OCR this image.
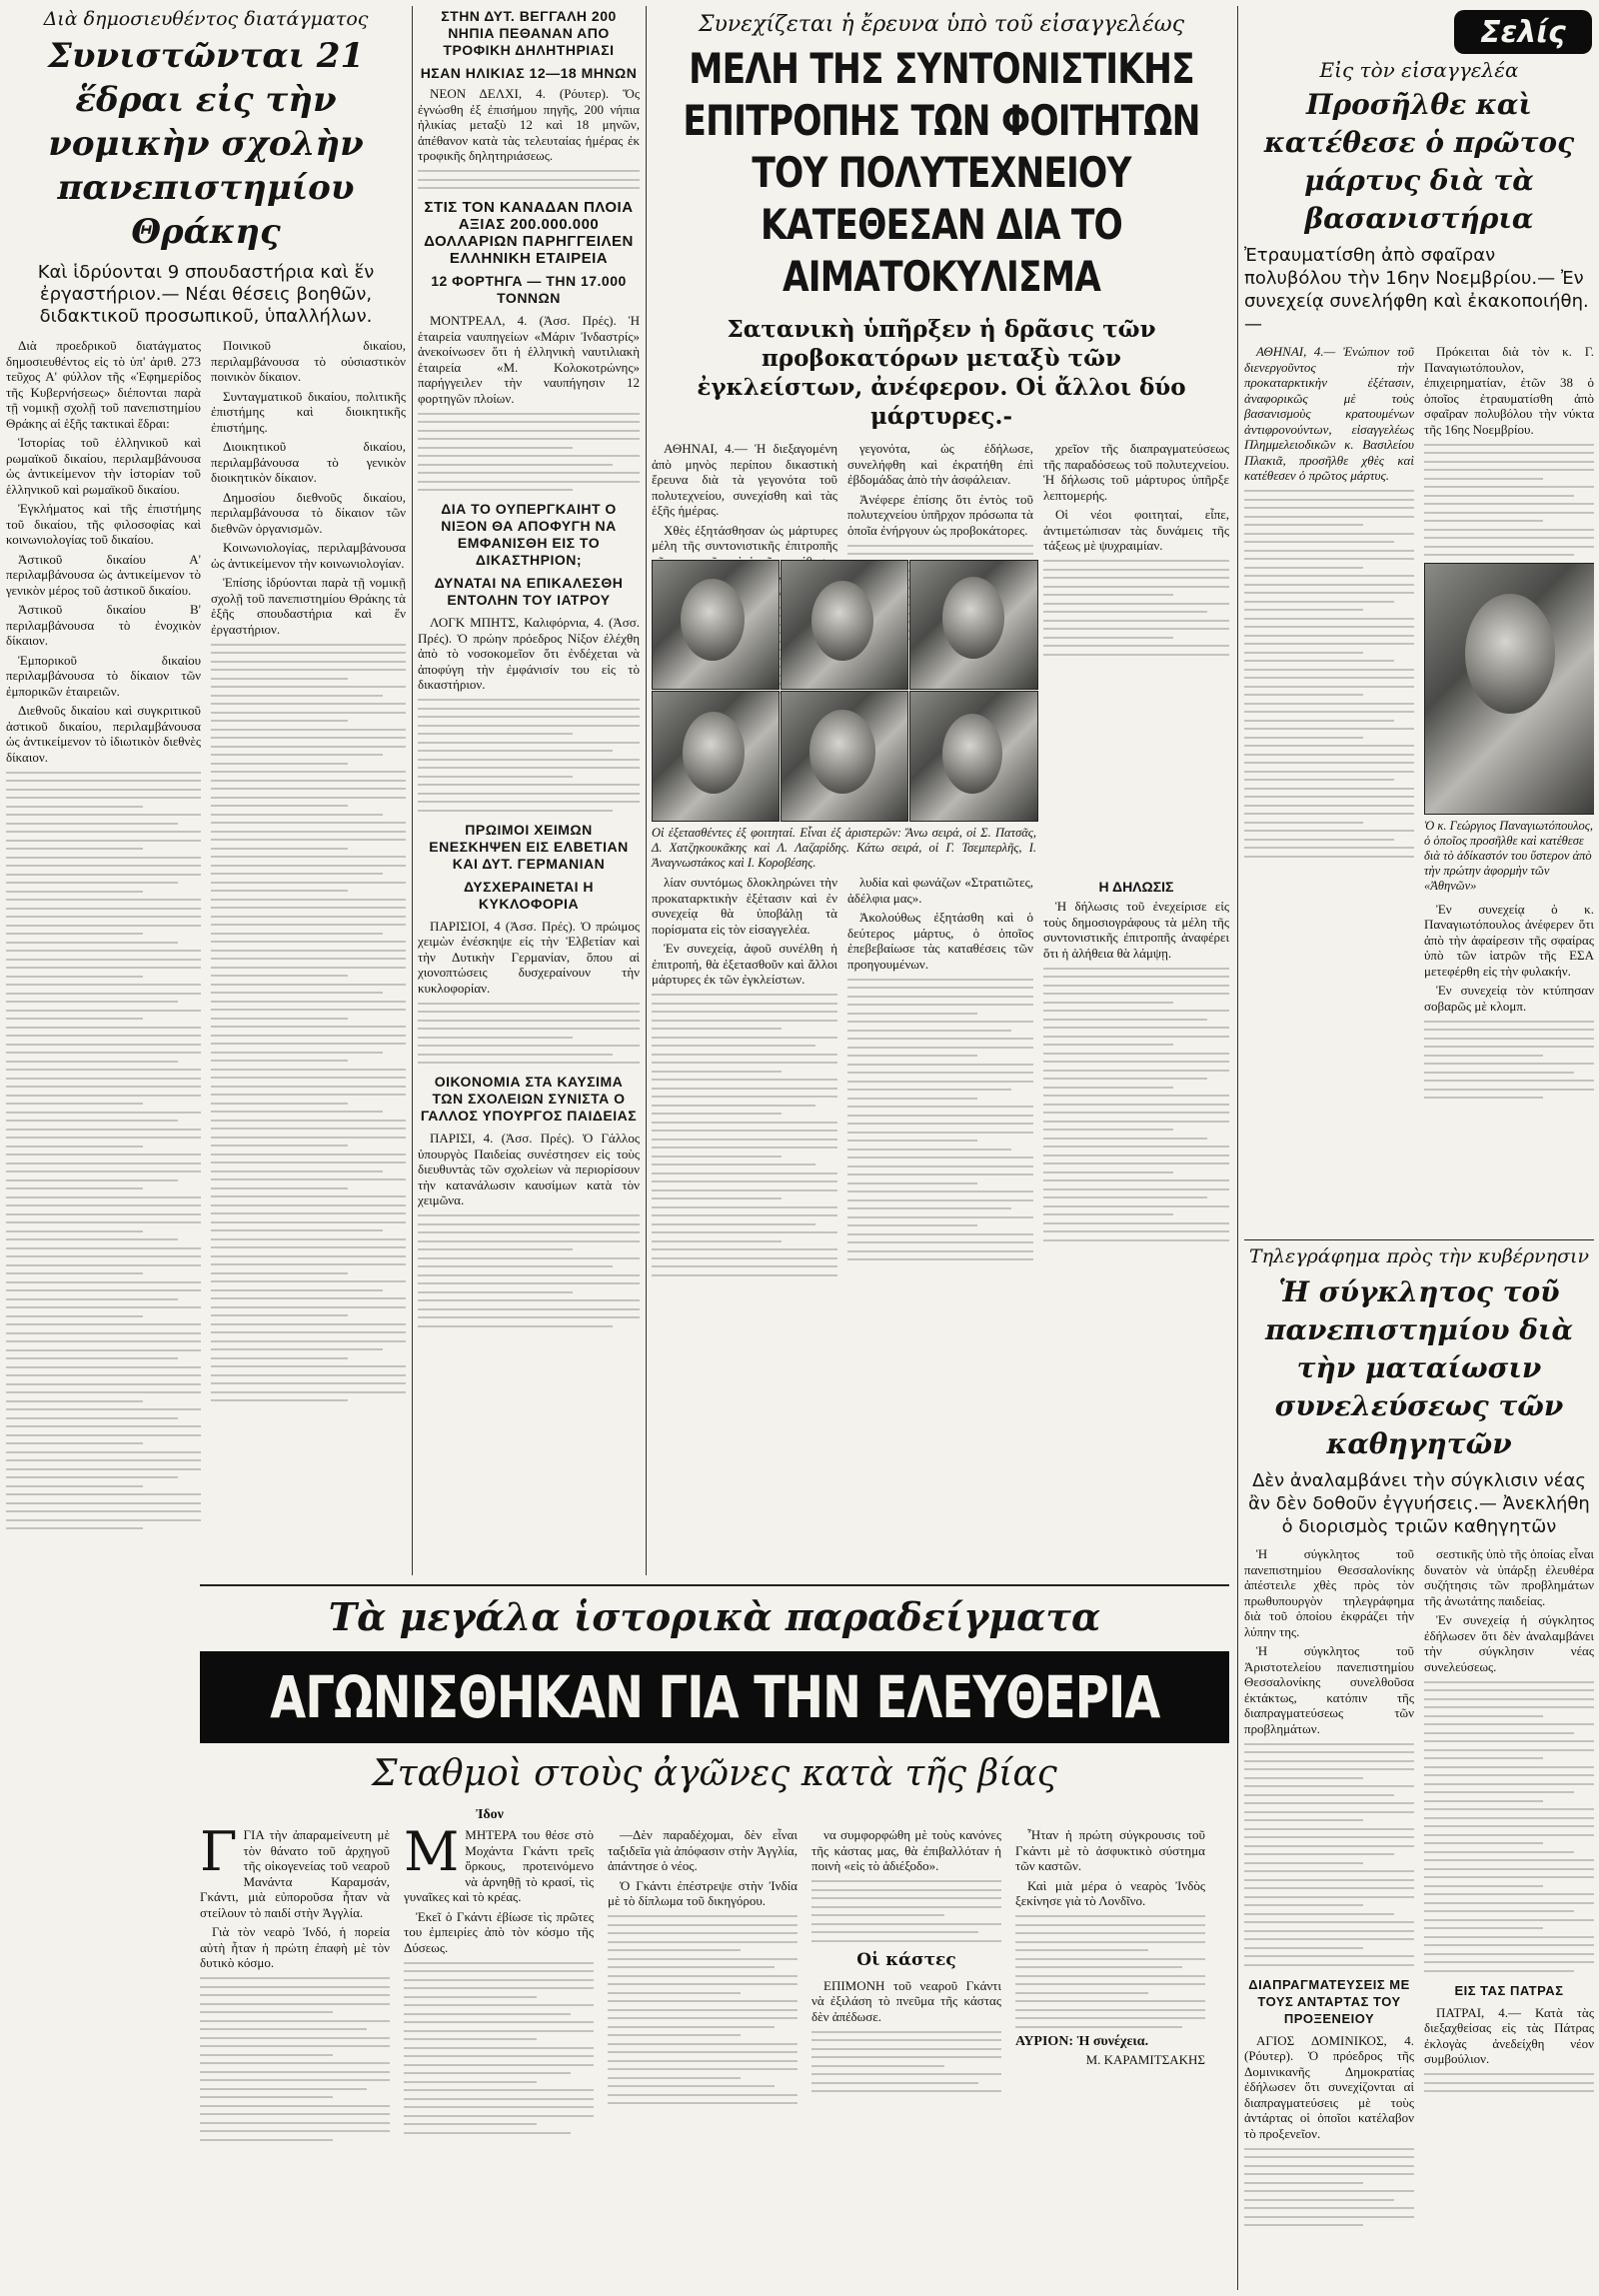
Διὰ δημοσιευθέντος διατάγματος
Συνιστῶνται 21 ἕδραι εἰς τὴν νομικὴν σχολὴν πανεπιστημίου Θράκης
Καὶ ἱδρύονται 9 σπουδαστήρια καὶ ἕν ἐργαστήριον.— Νέαι θέσεις βοηθῶν, διδακτικοῦ προσωπικοῦ, ὑπαλλήλων.

Διὰ προεδρικοῦ διατάγματος δημοσιευθέντος εἰς τὸ ὑπ' ἀριθ. 273 τεῦχος Α' φύλλον τῆς «Ἐφημερίδος τῆς Κυβερνήσεως» διέπονται παρὰ τῇ νομικῇ σχολῇ τοῦ πανεπιστημίου Θράκης αἱ ἑξῆς τακτικαὶ ἕδραι:

Ἱστορίας τοῦ ἑλληνικοῦ καὶ ρωμαϊκοῦ δικαίου, περιλαμβάνουσα ὡς ἀντικείμενον τὴν ἱστορίαν τοῦ ἑλληνικοῦ καὶ ρωμαϊκοῦ δικαίου.

Ἐγκλήματος καὶ τῆς ἐπιστήμης τοῦ δικαίου, τῆς φιλοσοφίας καὶ κοινωνιολογίας τοῦ δικαίου.

Ἀστικοῦ δικαίου Α' περιλαμβάνουσα ὡς ἀντικείμενον τὸ γενικὸν μέρος τοῦ ἀστικοῦ δικαίου.

Ἀστικοῦ δικαίου Β' περιλαμβάνουσα τὸ ἐνοχικὸν δίκαιον.

Ἐμπορικοῦ δικαίου περιλαμβάνουσα τὸ δίκαιον τῶν ἐμπορικῶν ἑταιρειῶν.

Διεθνοῦς δικαίου καὶ συγκριτικοῦ ἀστικοῦ δικαίου, περιλαμβάνουσα ὡς ἀντικείμενον τὸ ἰδιωτικὸν διεθνὲς δίκαιον.

Ποινικοῦ δικαίου, περιλαμβάνουσα τὸ οὐσιαστικὸν ποινικὸν δίκαιον.

Συνταγματικοῦ δικαίου, πολιτικῆς ἐπιστήμης καὶ διοικητικῆς ἐπιστήμης.

Διοικητικοῦ δικαίου, περιλαμβάνουσα τὸ γενικὸν διοικητικὸν δίκαιον.

Δημοσίου διεθνοῦς δικαίου, περιλαμβάνουσα τὸ δίκαιον τῶν διεθνῶν ὀργανισμῶν.

Κοινωνιολογίας, περιλαμβάνουσα ὡς ἀντικείμενον τὴν κοινωνιολογίαν.

Ἐπίσης ἱδρύονται παρὰ τῇ νομικῇ σχολῇ τοῦ πανεπιστημίου Θράκης τὰ ἑξῆς σπουδαστήρια καὶ ἕν ἐργαστήριον.

ΣΤΗΝ ΔΥΤ. ΒΕΓΓΑΛΗ 200 ΝΗΠΙΑ ΠΕΘΑΝΑΝ ΑΠΟ ΤΡΟΦΙΚΗ ΔΗΛΗΤΗΡΙΑΣΙ
ΗΣΑΝ ΗΛΙΚΙΑΣ 12—18 ΜΗΝΩΝ

ΝΕΟΝ ΔΕΛΧΙ, 4. (Ρόυτερ). Ὅς ἐγνώσθη ἐξ ἐπισήμου πηγῆς, 200 νήπια ἡλικίας μεταξὺ 12 καὶ 18 μηνῶν, ἀπέθανον κατὰ τὰς τελευταίας ἡμέρας ἐκ τροφικῆς δηλητηριάσεως.

ΣΤΙΣ ΤΟΝ ΚΑΝΑΔΑΝ ΠΛΟΙΑ ΑΞΙΑΣ 200.000.000 ΔΟΛΛΑΡΙΩΝ ΠΑΡΗΓΓΕΙΛΕΝ ΕΛΛΗΝΙΚΗ ΕΤΑΙΡΕΙΑ
12 ΦΟΡΤΗΓΑ — ΤΗΝ 17.000 ΤΟΝΝΩΝ

ΜΟΝΤΡΕΑΛ, 4. (Ἀσσ. Πρές). Ἡ ἑταιρεία ναυπηγείων «Μάριν Ἰνδαστρίς» ἀνεκοίνωσεν ὅτι ἡ ἑλληνικὴ ναυτιλιακὴ ἑταιρεία «Μ. Κολοκοτρώνης» παρήγγειλεν τὴν ναυπήγησιν 12 φορτηγῶν πλοίων.

ΔΙΑ ΤΟ ΟΥΠΕΡΓΚΑΙΗΤ Ο ΝΙΞΟΝ ΘΑ ΑΠΟΦΥΓΗ ΝΑ ΕΜΦΑΝΙΣΘΗ ΕΙΣ ΤΟ ΔΙΚΑΣΤΗΡΙΟΝ;
ΔΥΝΑΤΑΙ ΝΑ ΕΠΙΚΑΛΕΣΘΗ ΕΝΤΟΛΗΝ ΤΟΥ ΙΑΤΡΟΥ

ΛΟΓΚ ΜΠΗΤΣ, Καλιφόρνια, 4. (Ἀσσ. Πρές). Ὁ πρώην πρόεδρος Νίξον ἐλέχθη ἀπὸ τὸ νοσοκομεῖον ὅτι ἐνδέχεται νὰ ἀποφύγη τὴν ἐμφάνισίν του εἰς τὸ δικαστήριον.

ΠΡΩΙΜΟΙ ΧΕΙΜΩΝ ΕΝΕΣΚΗΨΕΝ ΕΙΣ ΕΛΒΕΤΙΑΝ ΚΑΙ ΔΥΤ. ΓΕΡΜΑΝΙΑΝ
ΔΥΣΧΕΡΑΙΝΕΤΑΙ Η ΚΥΚΛΟΦΟΡΙΑ

ΠΑΡΙΣΙΟΙ, 4 (Ἀσσ. Πρές). Ὁ πρώιμος χειμὼν ἐνέσκηψε εἰς τὴν Ἑλβετίαν καὶ τὴν Δυτικὴν Γερμανίαν, ὅπου αἱ χιονοπτώσεις δυσχεραίνουν τὴν κυκλοφορίαν.

ΟΙΚΟΝΟΜΙΑ ΣΤΑ ΚΑΥΣΙΜΑ ΤΩΝ ΣΧΟΛΕΙΩΝ ΣΥΝΙΣΤΑ Ο ΓΑΛΛΟΣ ΥΠΟΥΡΓΟΣ ΠΑΙΔΕΙΑΣ

ΠΑΡΙΣΙ, 4. (Ἀσσ. Πρές). Ὁ Γάλλος ὑπουργὸς Παιδείας συνέστησεν εἰς τοὺς διευθυντὰς τῶν σχολείων νὰ περιορίσουν τὴν κατανάλωσιν καυσίμων κατὰ τὸν χειμῶνα.

Συνεχίζεται ἡ ἔρευνα ὑπὸ τοῦ εἰσαγγελέως
ΜΕΛΗ ΤΗΣ ΣΥΝΤΟΝΙΣΤΙΚΗΣ ΕΠΙΤΡΟΠΗΣ ΤΩΝ ΦΟΙΤΗΤΩΝ ΤΟΥ ΠΟΛΥΤΕΧΝΕΙΟΥ ΚΑΤΕΘΕΣΑΝ ΔΙΑ ΤΟ ΑΙΜΑΤΟΚΥΛΙΣΜΑ
Σατανικὴ ὑπῆρξεν ἡ δρᾶσις τῶν προβοκατόρων μεταξὺ τῶν ἐγκλείστων, ἀνέφερον. Οἱ ἄλλοι δύο μάρτυρες.-

ΑΘΗΝΑΙ, 4.— Ἡ διεξαγομένη ἀπὸ μηνὸς περίπου δικαστικὴ ἔρευνα διὰ τὰ γεγονότα τοῦ πολυτεχνείου, συνεχίσθη καὶ τὰς ἑξῆς ἡμέρας.

Χθὲς ἐξητάσθησαν ὡς μάρτυρες μέλη τῆς συντονιστικῆς ἐπιτροπῆς

γεγονότα, ὡς ἐδήλωσε, συνελήφθη καὶ ἐκρατήθη ἐπὶ ἐβδομάδας ἀπὸ τὴν ἀσφάλειαν.

Ἀνέφερε ἐπίσης ὅτι ἐντὸς τοῦ πολυτεχνείου ὑπῆρχον πρόσωπα τὰ ὁποῖα ἐνήργουν ὡς προβοκάτορες.

χρεῖον τῆς διαπραγματεύσεως τῆς παραδόσεως τοῦ πολυτεχνείου. Ἡ δήλωσις τοῦ μάρτυρος ὑπῆρξε λεπτομερής.

Οἱ νέοι φοιτηταί, εἶπε, ἀντιμετώπισαν τὰς δυνάμεις τῆς τάξεως μὲ ψυχραιμίαν.

Οἱ ἐξετασθέντες ἐξ φοιτηταί. Εἶναι ἐξ ἀριστερῶν: Ἄνω σειρά, οἱ Σ. Πατσᾶς, Δ. Χατζηκουκᾶκης καὶ Λ. Λαζαρίδης. Κάτω σειρά, οἱ Γ. Τσεμπερλῆς, Ι. Ἀναγνωστάκος καὶ Ι. Κοροβέσης.

λίαν συντόμως δλοκληρώνει τὴν προκαταρκτικὴν ἐξέτασιν καὶ ἐν συνεχείᾳ θὰ ὑποβάλῃ τὰ πορίσματα εἰς τὸν εἰσαγγελέα.

Ἐν συνεχείᾳ, ἀφοῦ συνέλθη ἡ ἐπιτροπή, θὰ ἐξετασθοῦν καὶ ἄλλοι μάρτυρες ἐκ τῶν ἐγκλείστων.

λυδία καὶ φωνάζων «Στρατιῶτες, ἀδέλφια μας».

Ἀκολούθως ἐξητάσθη καὶ ὁ δεύτερος μάρτυς, ὁ ὁποῖος ἐπεβεβαίωσε τὰς καταθέσεις τῶν προηγουμένων.

Η ΔΗΛΩΣΙΣ

Ἡ δήλωσις τοῦ ἐνεχείρισε εἰς τοὺς δημοσιογράφους τὰ μέλη τῆς συντονιστικῆς ἐπιτροπῆς ἀναφέρει ὅτι ἡ ἀλήθεια θὰ λάμψῃ.

Σελίς
Εἰς τὸν εἰσαγγελέα
Προσῆλθε καὶ κατέθεσε ὁ πρῶτος μάρτυς διὰ τὰ βασανιστήρια
Ἐτραυματίσθη ἀπὸ σφαῖραν πολυβόλου τὴν 16ην Νοεμβρίου.— Ἐν συνεχείᾳ συνελήφθη καὶ ἐκακοποιήθη. —

ΑΘΗΝΑΙ, 4.— Ἐνώπιον τοῦ διενεργοῦντος τὴν προκαταρκτικὴν ἐξέτασιν, ἀναφορικῶς μὲ τοὺς βασανισμοὺς κρατουμένων ἀντιφρονούντων, εἰσαγγελέως Πλημμελειοδικῶν κ. Βασιλείου Πλακιᾶ, προσῆλθε χθὲς καὶ κατέθεσεν ὁ πρῶτος μάρτυς.

Πρόκειται διὰ τὸν κ. Γ. Παναγιωτόπουλον, ἐπιχειρηματίαν, ἐτῶν 38 ὁ ὁποῖος ἐτραυματίσθη ἀπὸ σφαῖραν πολυβόλου τὴν νύκτα τῆς 16ης Νοεμβρίου.

Ὁ κ. Γεώργιος Παναγιωτόπουλος, ὁ ὁποῖος προσῆλθε καὶ κατέθεσε διὰ τὸ ἀδίκαστόν του ὕστερον ἀπὸ τὴν πρώτην ἀφορμὴν τῶν «Ἀθηνῶν»

Ἐν συνεχείᾳ ὁ κ. Παναγιωτόπουλος ἀνέφερεν ὅτι ἀπὸ τὴν ἀφαίρεσιν τῆς σφαίρας ὑπὸ τῶν ἰατρῶν τῆς ΕΣΑ μετεφέρθη εἰς τὴν φυλακήν.

Ἐν συνεχείᾳ τὸν κτύπησαν σοβαρῶς μὲ κλομπ.

Τηλεγράφημα πρὸς τὴν κυβέρνησιν
Ἡ σύγκλητος τοῦ πανεπιστημίου διὰ τὴν ματαίωσιν συνελεύσεως τῶν καθηγητῶν
Δὲν ἀναλαμβάνει τὴν σύγκλισιν νέας ἂν δὲν δοθοῦν ἐγγυήσεις.— Ἀνεκλήθη ὁ διορισμὸς τριῶν καθηγητῶν

Ἡ σύγκλητος τοῦ πανεπιστημίου Θεσσαλονίκης ἀπέστειλε χθὲς πρὸς τὸν πρωθυπουργὸν τηλεγράφημα διὰ τοῦ ὁποίου ἐκφράζει τὴν λύπην της.

Ἡ σύγκλητος τοῦ Ἀριστοτελείου πανεπιστημίου Θεσσαλονίκης συνελθοῦσα ἐκτάκτως, κατόπιν τῆς διαπραγματεύσεως τῶν προβλημάτων.

ΔΙΑΠΡΑΓΜΑΤΕΥΣΕΙΣ ΜΕ ΤΟΥΣ ΑΝΤΑΡΤΑΣ ΤΟΥ ΠΡΟΞΕΝΕΙΟΥ

ΑΓΙΟΣ ΔΟΜΙΝΙΚΟΣ, 4. (Ρόυτερ). Ὁ πρόεδρος τῆς Δομινικανῆς Δημοκρατίας ἐδήλωσεν ὅτι συνεχίζονται αἱ διαπραγματεύσεις μὲ τοὺς ἀντάρτας οἱ ὁποῖοι κατέλαβον τὸ προξενεῖον.

σεστικῆς ὑπὸ τῆς ὁποίας εἶναι δυνατὸν νὰ ὑπάρξῃ ἐλευθέρα συζήτησις τῶν προβλημάτων τῆς ἀνωτάτης παιδείας.

Ἐν συνεχείᾳ ἡ σύγκλητος ἐδήλωσεν ὅτι δὲν ἀναλαμβάνει τὴν σύγκλησιν νέας συνελεύσεως.

ΕΙΣ ΤΑΣ ΠΑΤΡΑΣ

ΠΑΤΡΑΙ, 4.— Κατὰ τὰς διεξαχθείσας εἰς τὰς Πάτρας ἐκλογὰς ἀνεδείχθη νέον συμβούλιον.

Τὰ μεγάλα ἱστορικὰ παραδείγματα
ΑΓΩΝΙΣΘΗΚΑΝ ΓΙΑ ΤΗΝ ΕΛΕΥΘΕΡΙΑ
Σταθμοὶ στοὺς ἀγῶνες κατὰ τῆς βίας
Ἰδον

ΓΓΙΑ τὴν ἀπαραμείνευτη μὲ τὸν θάνατο τοῦ ἀρχηγοῦ τῆς οἰκογενείας τοῦ νεαροῦ Μανάντα Καραμσάν, Γκάντι, μιὰ εὐποροῦσα ἦταν νὰ στείλουν τὸ παιδί στὴν Ἀγγλία.

Γιὰ τὸν νεαρὸ Ἰνδό, ἡ πορεία αὐτὴ ἦταν ἡ πρώτη ἐπαφὴ μὲ τὸν δυτικὸ κόσμο.

ΜΜΗΤΕΡΑ του θέσε στὸ Μοχάντα Γκάντι τρεῖς ὅρκους, προτεινόμενο νὰ ἀρνηθῇ τὸ κρασί, τὶς γυναῖκες καὶ τὸ κρέας.

Ἐκεῖ ὁ Γκάντι ἐβίωσε τὶς πρῶτες του ἐμπειρίες ἀπὸ τὸν κόσμο τῆς Δύσεως.

—Δὲν παραδέχομαι, δὲν εἶναι ταξιδεῖα γιὰ ἀπόφασιν στὴν Ἀγγλία, ἀπάντησε ὁ νέος.

Ὁ Γκάντι ἐπέστρεψε στὴν Ἰνδία μὲ τὸ δίπλωμα τοῦ δικηγόρου.

να συμφορφώθη μὲ τοὺς κανόνες τῆς κάστας μας, θὰ ἐπιβαλλόταν ἡ ποινὴ «εἰς τὸ ἀδιέξοδο».

Οἱ κάστες

ΕΠΙΜΟΝΗ τοῦ νεαροῦ Γκάντι νὰ ἐξιλάση τὸ πνεῦμα τῆς κάστας δὲν ἀπέδωσε.

Ἦταν ἡ πρώτη σύγκρουσις τοῦ Γκάντι μὲ τὸ ἀσφυκτικὸ σύστημα τῶν καστῶν.

Καὶ μιὰ μέρα ὁ νεαρὸς Ἰνδὸς ξεκίνησε γιὰ τὸ Λονδῖνο.

ΑΥΡΙΟΝ: Ἡ συνέχεια.
Μ. ΚΑΡΑΜΙΤΣΑΚΗΣ
